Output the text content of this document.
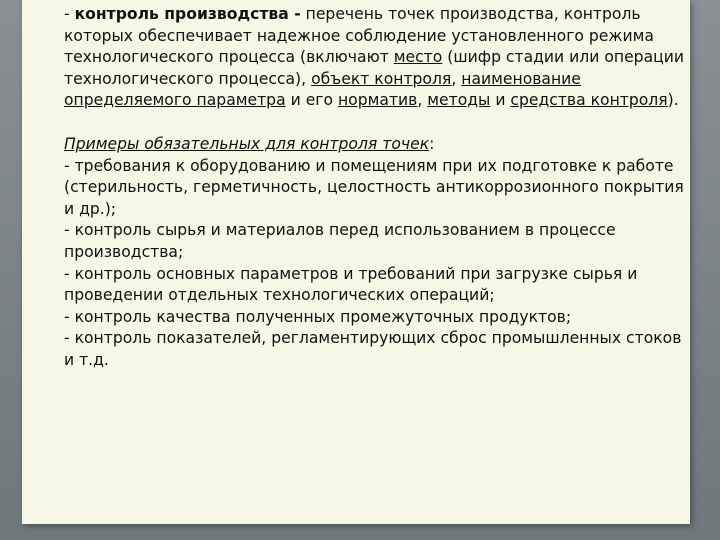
- контроль производства - перечень точек производства, контроль которых обеспечивает надежное соблюдение установленного режима технологического процесса (включают место (шифр стадии или операции технологического процесса), объект контроля, наименование определяемого параметра и его норматив, методы и средства контроля).

Примеры обязательных для контроля точек:

- требования к оборудованию и помещениям при их подготовке к работе (стерильность, герметичность, целостность антикоррозионного покрытия и др.);

- контроль сырья и материалов перед использованием в процессе производства;

- контроль основных параметров и требований при загрузке сырья и проведении отдельных технологических операций;

- контроль качества полученных промежуточных продуктов;

- контроль показателей, регламентирующих сброс промышленных стоков и т.д.
